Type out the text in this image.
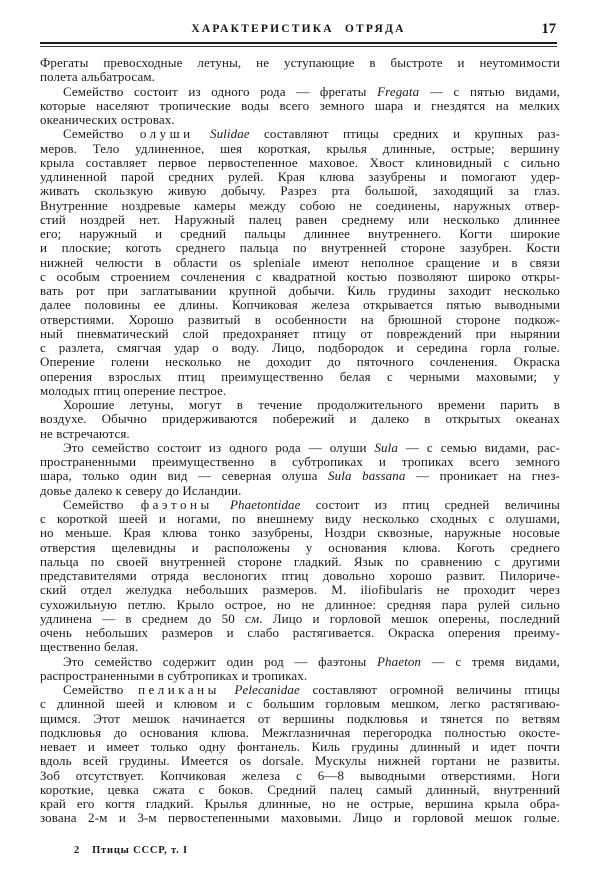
ХАРАКТЕРИСТИКА ОТРЯДА	17
Фрегаты превосходные летуны, не уступающие в быстроте и неутомимости
полета альбатросам.
Семейство состоит из одного рода — фрегаты Fregata — с пятью видами,
которые населяют тропические воды всего земного шара и гнездятся на мелких
океанических островах.
Семейство олуши Sulidae составляют птицы средних и крупных раз-
меров. Тело удлиненное, шея короткая, крылья длинные, острые; вершину
крыла составляет первое первостепенное маховое. Хвост клиновидный с сильно
удлиненной парой средних рулей. Края клюва зазубрены и помогают удер-
живать скользкую живую добычу. Разрез рта большой, заходящий за глаз.
Внутренние ноздревые камеры между собою не соединены, наружных отвер-
стий ноздрей нет. Наружный палец равен среднему или несколько длиннее
его; наружный и средний пальцы длиннее внутреннего. Когти широкие
и плоские; коготь среднего пальца по внутренней стороне зазубрен. Кости
нижней челюсти в области os spleniale имеют неполное сращение и в связи
с особым строением сочленения с квадратной костью позволяют широко откры-
вать рот при заглатывании крупной добычи. Киль грудины заходит несколько
далее половины ее длины. Копчиковая железа открывается пятью выводными
отверстиями. Хорошо развитый в особенности на брюшной стороне подкож-
ный пневматический слой предохраняет птицу от повреждений при нырянии
с разлета, смягчая удар о воду. Лицо, подбородок и середина горла голые.
Оперение голени несколько не доходит до пяточного сочленения. Окраска
оперения взрослых птиц преимущественно белая с черными маховыми; у
молодых птиц оперение пестрое.
Хорошие летуны, могут в течение продолжительного времени парить в
воздухе. Обычно придерживаются побережий и далеко в открытых океанах
не встречаются.
Это семейство состоит из одного рода — олуши Sula — с семью видами, рас-
пространенными преимущественно в субтропиках и тропиках всего земного
шара, только один вид — северная олуша Sula bassana — проникает на гнез-
довье далеко к северу до Исландии.
Семейство фаэтоны Phaetontidae состоит из птиц средней величины
с короткой шеей и ногами, по внешнему виду несколько сходных с олушами,
но меньше. Края клюва тонко зазубрены, Ноздри сквозные, наружные носовые
отверстия щелевидны и расположены у основания клюва. Коготь среднего
пальца по своей внутренней стороне гладкий. Язык по сравнению с другими
представителями отряда веслоногих птиц довольно хорошо развит. Пилориче-
ский отдел желудка небольших размеров. M. iliofibularis не проходит через
сухожильную петлю. Крыло острое, но не длинное: средняя пара рулей сильно
удлинена — в среднем до 50 см. Лицо и горловой мешок оперены, последний
очень небольших размеров и слабо растягивается. Окраска оперения преиму-
щественно белая.
Это семейство содержит один род — фаэтоны Phaeton — с тремя видами,
распространенными в субтропиках и тропиках.
Семейство пеликаны Pelecanidae составляют огромной величины птицы
с длинной шеей и клювом и с большим горловым мешком, легко растягиваю-
щимся. Этот мешок начинается от вершины подклювья и тянется по ветвям
подклювья до основания клюва. Межглазничная перегородка полностью окосте-
невает и имеет только одну фонтанель. Киль грудины длинный и идет почти
вдоль всей грудины. Имеется os dorsale. Мускулы нижней гортани не развиты.
Зоб отсутствует. Копчиковая железа с 6—8 выводными отверстиями. Ноги
короткие, цевка сжата с боков. Средний палец самый длинный, внутренний
край его когтя гладкий. Крылья длинные, но не острые, вершина крыла обра-
зована 2-м и 3-м первостепенными маховыми. Лицо и горловой мешок голые.
2 Птицы СССР, т. I
